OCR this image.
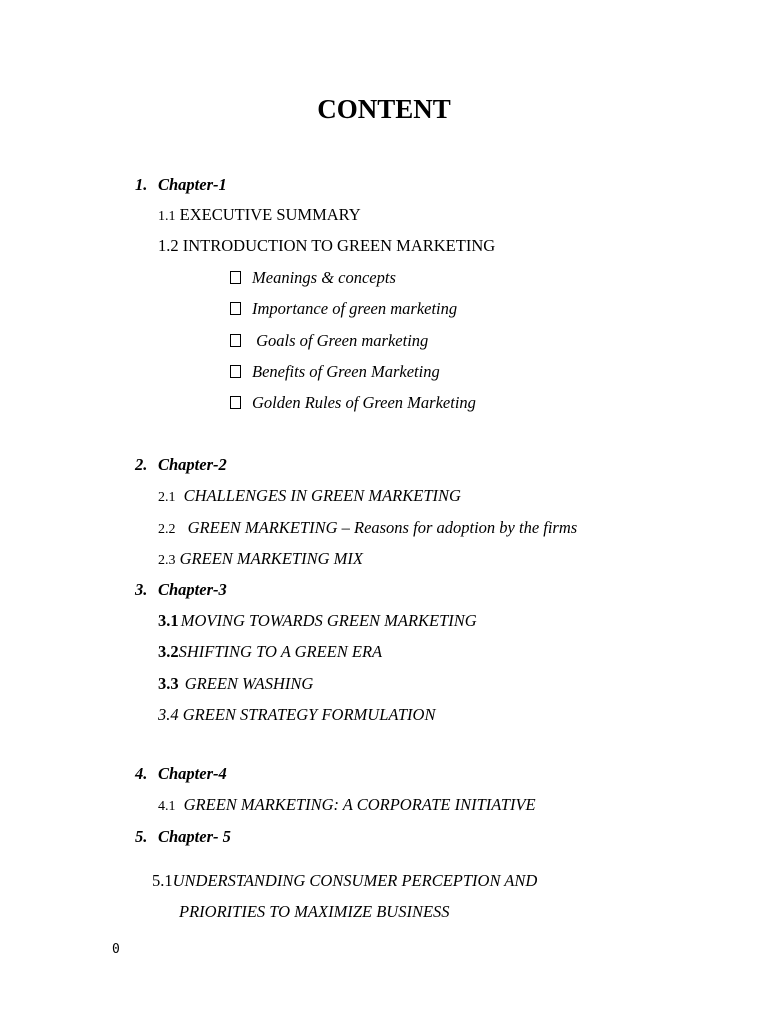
CONTENT
1. Chapter-1
1.1 EXECUTIVE SUMMARY
1.2 INTRODUCTION TO GREEN MARKETING
Meanings & concepts
Importance of green marketing
Goals of Green marketing
Benefits of Green Marketing
Golden Rules of Green Marketing
2. Chapter-2
2.1 CHALLENGES IN GREEN MARKETING
2.2 GREEN MARKETING – Reasons for adoption by the firms
2.3 GREEN MARKETING MIX
3. Chapter-3
3.1 MOVING TOWARDS GREEN MARKETING
3.2SHIFTING TO A GREEN ERA
3.3 GREEN WASHING
3.4 GREEN STRATEGY FORMULATION
4. Chapter-4
4.1 GREEN MARKETING: A CORPORATE INITIATIVE
5. Chapter- 5
5.1UNDERSTANDING CONSUMER PERCEPTION AND
PRIORITIES TO MAXIMIZE BUSINESS
0
